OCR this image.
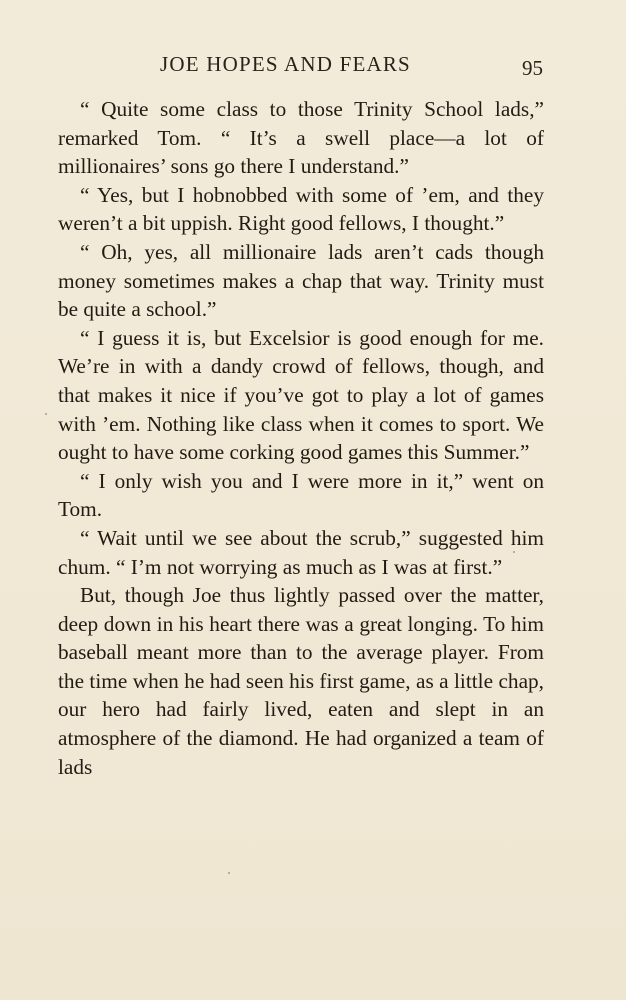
JOE HOPES AND FEARS	95

“ Quite some class to those Trinity School lads,” remarked Tom. “ It’s a swell place—a lot of millionaires’ sons go there I understand.”

“ Yes, but I hobnobbed with some of ’em, and they weren’t a bit uppish. Right good fellows, I thought.”

“ Oh, yes, all millionaire lads aren’t cads though money sometimes makes a chap that way. Trinity must be quite a school.”

“ I guess it is, but Excelsior is good enough for me. We’re in with a dandy crowd of fellows, though, and that makes it nice if you’ve got to play a lot of games with ’em. Nothing like class when it comes to sport. We ought to have some corking good games this Summer.”

“ I only wish you and I were more in it,” went on Tom.

“ Wait until we see about the scrub,” suggested him chum. “ I’m not worrying as much as I was at first.”

But, though Joe thus lightly passed over the matter, deep down in his heart there was a great longing. To him baseball meant more than to the average player. From the time when he had seen his first game, as a little chap, our hero had fairly lived, eaten and slept in an atmosphere of the diamond. He had organized a team of lads
